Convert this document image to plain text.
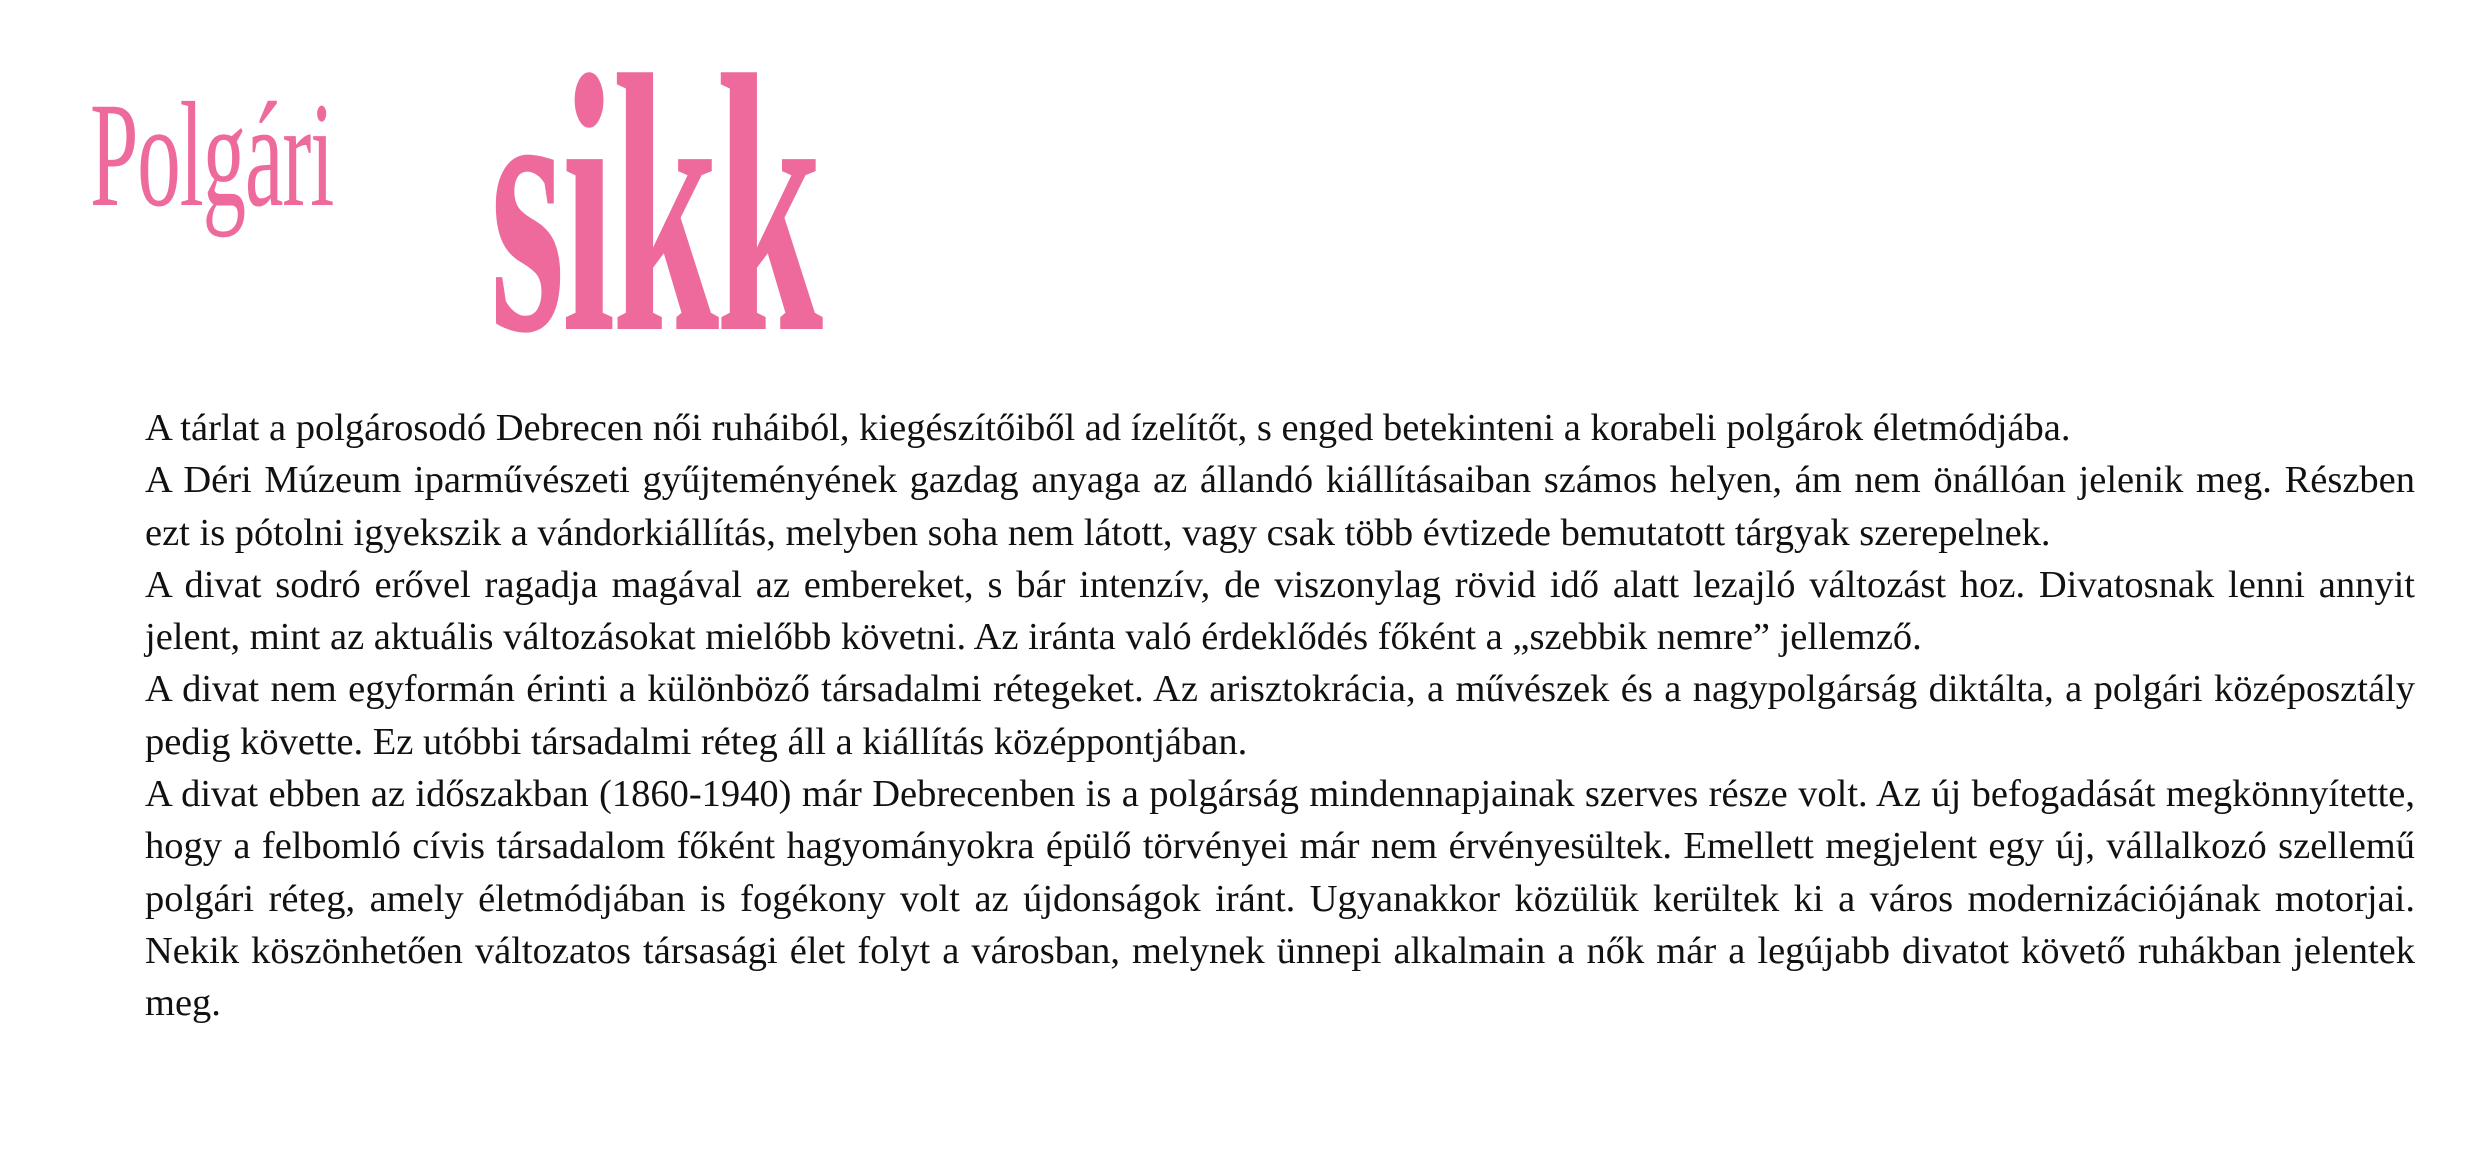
Polgári sikk

A tárlat a polgárosodó Debrecen női ruháiból, kiegészítőiből ad ízelítőt, s enged betekinteni a korabeli polgárok életmódjába.

A Déri Múzeum iparművészeti gyűjteményének gazdag anyaga az állandó kiállításaiban számos helyen, ám nem önállóan jelenik meg. Részben ezt is pótolni igyekszik a vándorkiállítás, melyben soha nem látott, vagy csak több évtizede bemutatott tárgyak szerepelnek.

A divat sodró erővel ragadja magával az embereket, s bár intenzív, de viszonylag rövid idő alatt lezajló változást hoz. Divatosnak lenni annyit jelent, mint az aktuális változásokat mielőbb követni. Az iránta való érdeklődés főként a „szebbik nemre” jellemző.

A divat nem egyformán érinti a különböző társadalmi rétegeket. Az arisztokrácia, a művészek és a nagypolgárság diktálta, a polgári középosztály pedig követte. Ez utóbbi társadalmi réteg áll a kiállítás középpontjában.

A divat ebben az időszakban (1860-1940) már Debrecenben is a polgárság mindennapjainak szerves része volt. Az új befogadását megkönnyítette, hogy a felbomló cívis társadalom főként hagyományokra épülő törvényei már nem érvényesültek. Emellett megjelent egy új, vállalkozó szellemű polgári réteg, amely életmódjában is fogékony volt az újdonságok iránt. Ugyanakkor közülük kerültek ki a város modernizációjának motorjai. Nekik köszönhetően változatos társasági élet folyt a városban, melynek ünnepi alkalmain a nők már a legújabb divatot követő ruhákban jelentek meg.
